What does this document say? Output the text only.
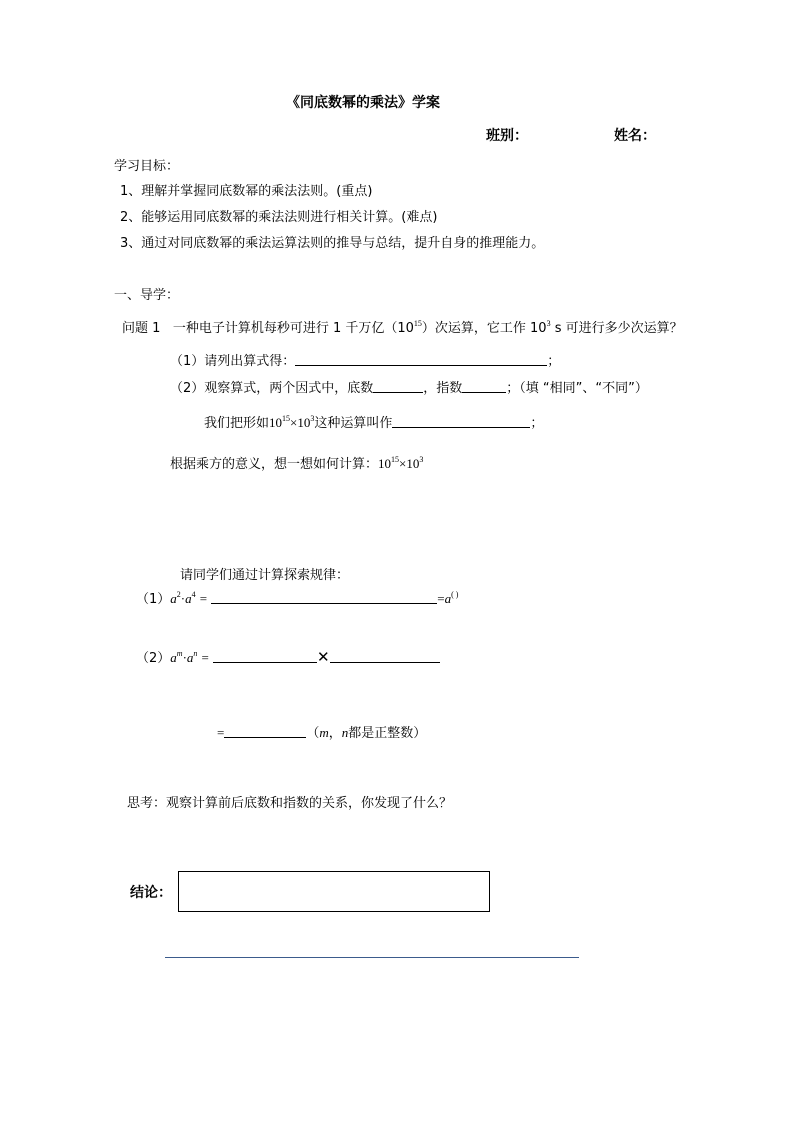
《同底数幂的乘法》学案
班别：	姓名：
学习目标：
1、理解并掌握同底数幂的乘法法则。(重点)
2、能够运用同底数幂的乘法法则进行相关计算。(难点)
3、通过对同底数幂的乘法运算法则的推导与总结，提升自身的推理能力。
一、导学：
问题 1 一种电子计算机每秒可进行 1 千万亿$(10^{15})$次运算，它工作 $10^3$ s 可进行多少次运算？
（1）请列出算式得：	；
（2）观察算式，两个因式中，底数	，指数	；（填 “相同”、“不同”）
我们把形如$10^{15}\times 10^3$这种运算叫作	；
根据乘方的意义，想一想如何计算：$10^{15}\times 10^3$
请同学们通过计算探索规律：
$(1)a^2\cdot a^4$ =	=a( )
$(2)a^m\cdot a^n$ =	✕
=	（m，n都是正整数）
思考：观察计算前后底数和指数的关系，你发现了什么？
结论：
